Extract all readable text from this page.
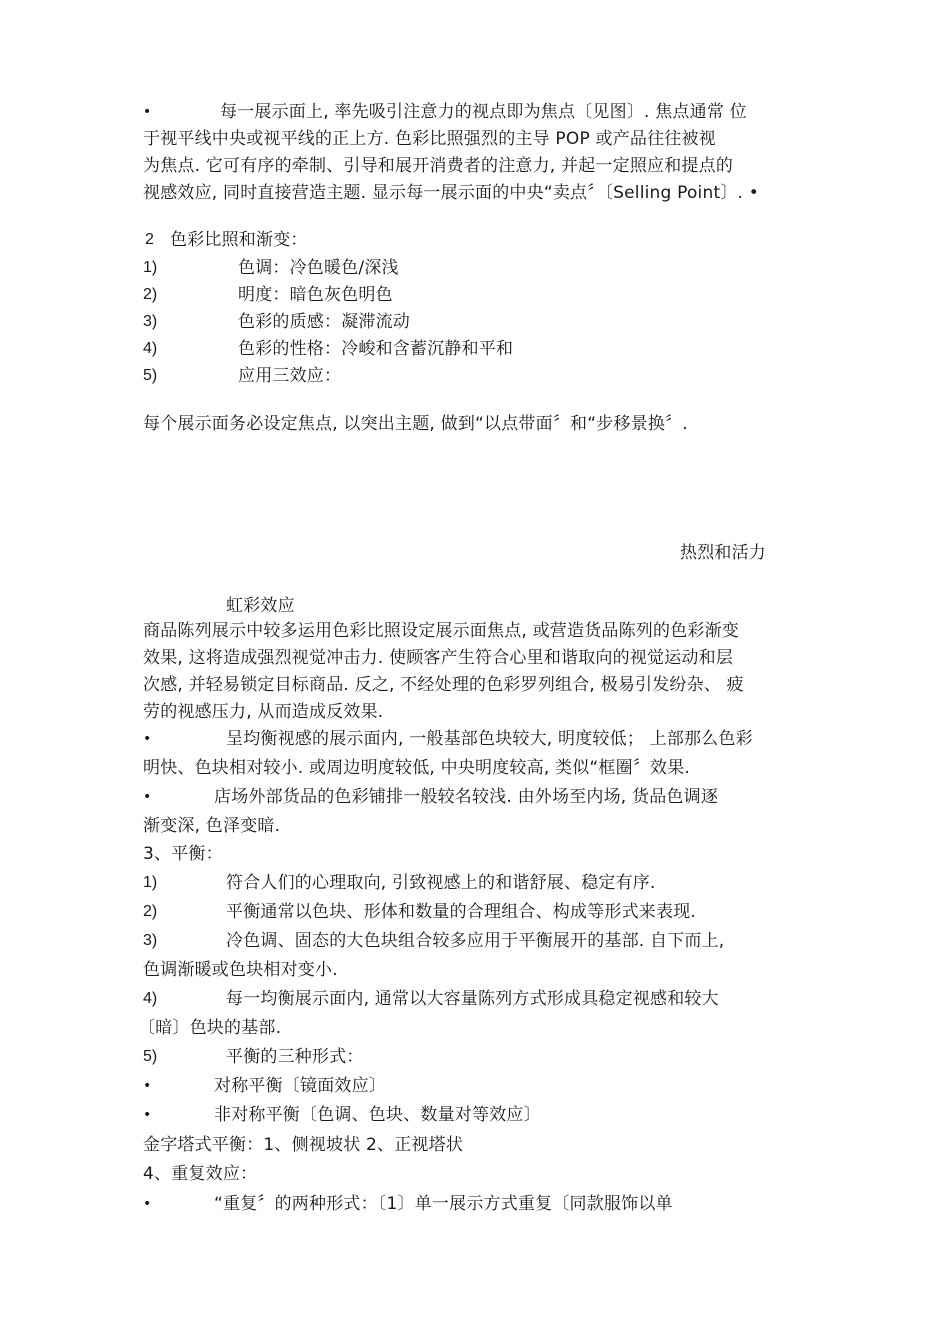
•	每一展示面上, 率先吸引注意力的视点即为焦点〔见图〕. 焦点通常 位
于视平线中央或视平线的正上方. 色彩比照强烈的主导 POP 或产品往往被视
为焦点. 它可有序的牵制、引导和展开消费者的注意力, 并起一定照应和提点的
视感效应, 同时直接营造主题. 显示每一展示面的中央“卖点〞〔Selling Point〕. •
2 色彩比照和渐变：
1)	色调：冷色暖色/深浅
2)	明度：暗色灰色明色
3)	色彩的质感：凝滞流动
4)	色彩的性格：冷峻和含蓄沉静和平和
5)	应用三效应：
每个展示面务必设定焦点, 以突出主题, 做到“以点带面〞和“步移景换〞.
热烈和活力
虹彩效应
商品陈列展示中较多运用色彩比照设定展示面焦点, 或营造货品陈列的色彩渐变
效果, 这将造成强烈视觉冲击力. 使顾客产生符合心里和谐取向的视觉运动和层
次感, 并轻易锁定目标商品. 反之, 不经处理的色彩罗列组合, 极易引发纷杂、 疲
劳的视感压力, 从而造成反效果.
•	呈均衡视感的展示面内, 一般基部色块较大, 明度较低； 上部那么色彩
明快、色块相对较小. 或周边明度较低, 中央明度较高, 类似“框圈〞效果.
•	店场外部货品的色彩铺排一般较名较浅. 由外场至内场, 货品色调逐
渐变深, 色泽变暗.
3、平衡：
1)	符合人们的心理取向, 引致视感上的和谐舒展、稳定有序.
2)	平衡通常以色块、形体和数量的合理组合、构成等形式来表现.
3)	冷色调、固态的大色块组合较多应用于平衡展开的基部. 自下而上,
色调渐暖或色块相对变小.
4)	每一均衡展示面内, 通常以大容量陈列方式形成具稳定视感和较大
〔暗〕色块的基部.
5)	平衡的三种形式：
•	对称平衡〔镜面效应〕
•	非对称平衡〔色调、色块、数量对等效应〕
金字塔式平衡：1、侧视坡状 2、正视塔状
4、重复效应：
•	“重复〞的两种形式：〔1〕单一展示方式重复〔同款服饰以单
